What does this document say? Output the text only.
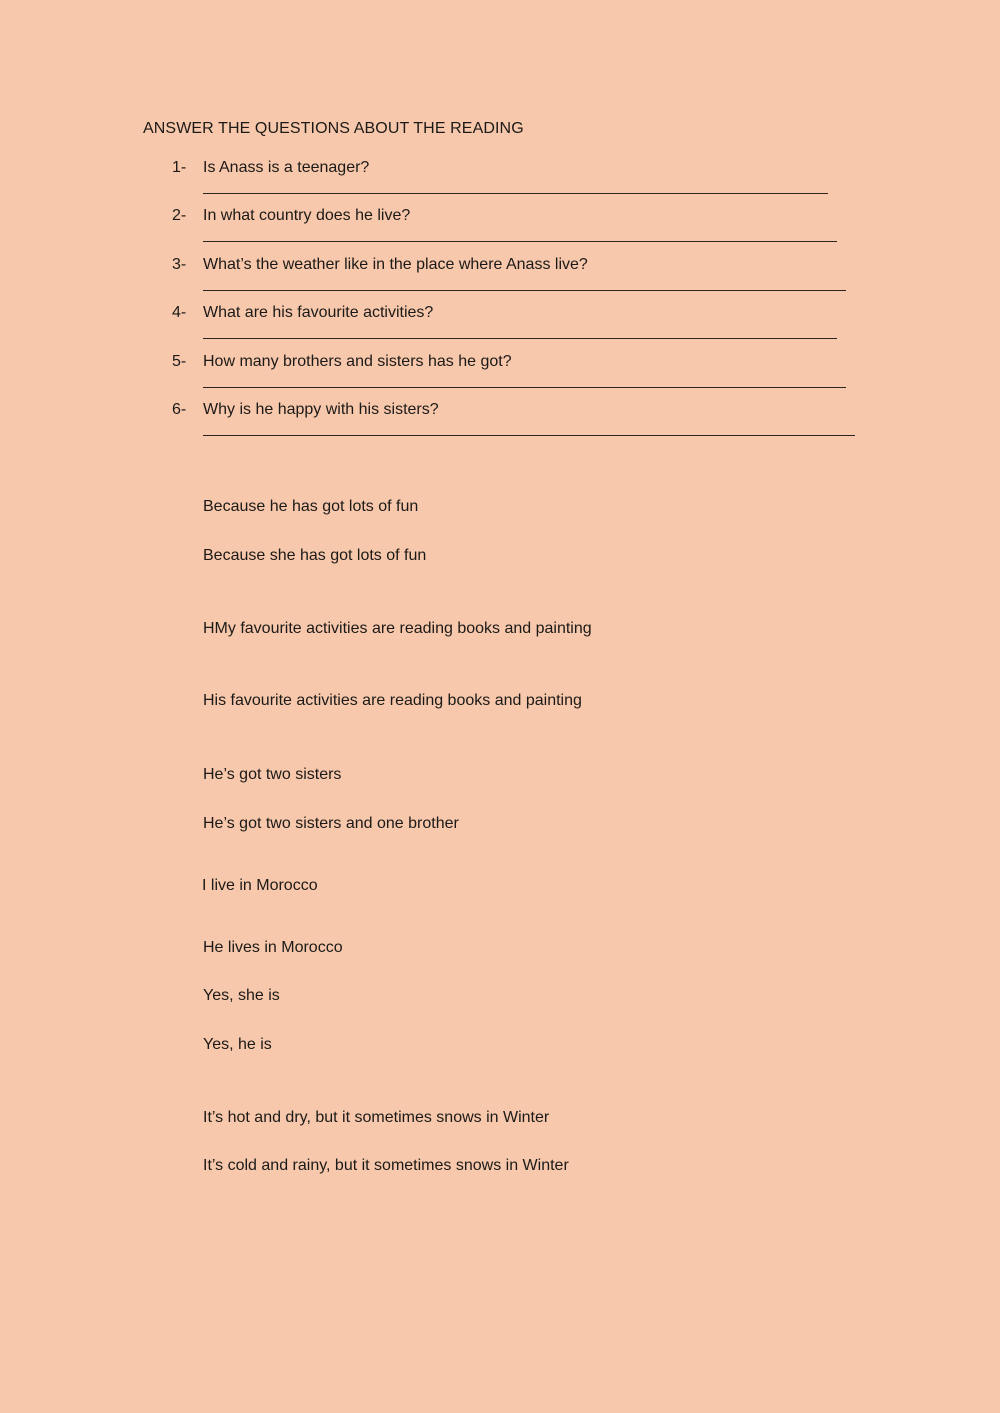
ANSWER THE QUESTIONS ABOUT THE READING
1- Is Anass is a teenager?
2- In what country does he live?
3- What’s the weather like in the place where Anass live?
4- What are his favourite activities?
5- How many brothers and sisters has he got?
6- Why is he happy with his sisters?
Because he has got lots of fun
Because she has got lots of fun
HMy favourite activities are reading books and painting
His favourite activities are reading books and painting
He’s got two sisters
He’s got two sisters and one brother
I live in Morocco
He lives in Morocco
Yes, she is
Yes, he is
It’s hot and dry, but it sometimes snows in Winter
It’s cold and rainy, but it sometimes snows in Winter
